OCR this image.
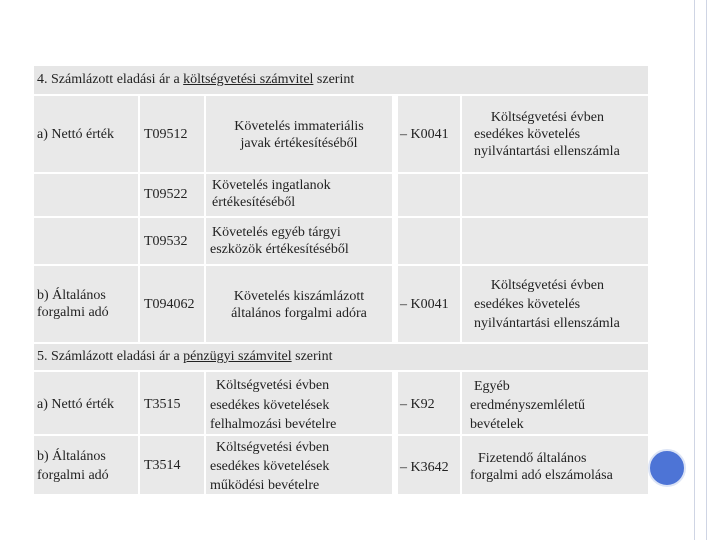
4. Számlázott eladási ár a költségvetési számvitel szerint
a) Nettó érték T09512
Követelés immateriális
javak értékesítéséből
– K0041
Költségvetési évben
esedékes követelés
nyilvántartási ellenszámla
T09522
Követelés ingatlanok
értékesítéséből
T09532
Követelés egyéb tárgyi
eszközök értékesítéséből
b) Általános
forgalmi adó
T094062
Követelés kiszámlázott
általános forgalmi adóra
– K0041
Költségvetési évben
esedékes követelés
nyilvántartási ellenszámla
5. Számlázott eladási ár a pénzügyi számvitel szerint
a) Nettó érték T3515
Költségvetési évben
esedékes követelések
felhalmozási bevételre
– K92
Egyéb
eredményszemléletű
bevételek
b) Általános
forgalmi adó
T3514
Költségvetési évben
esedékes követelések
működési bevételre
– K3642
Fizetendő általános
forgalmi adó elszámolása
